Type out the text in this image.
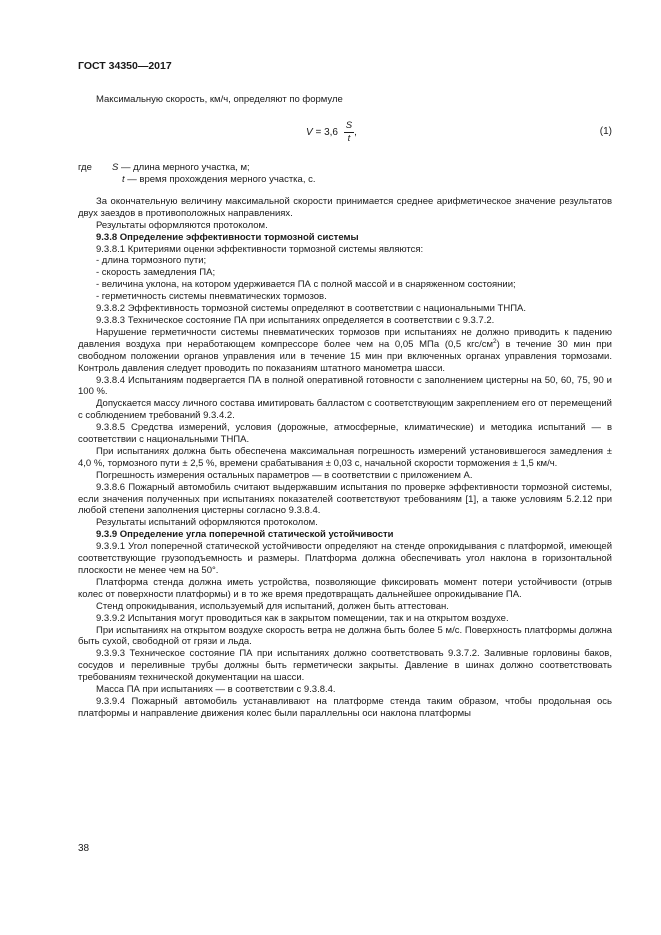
ГОСТ 34350—2017

Максимальную скорость, км/ч, определяют по формуле

$V = 3,6 \frac{S}{t}$ ,	(1)
где S — длина мерного участка, м;
t — время прохождения мерного участка, с.

За окончательную величину максимальной скорости принимается среднее арифметическое значение результатов двух заездов в противоположных направлениях.

Результаты оформляются протоколом.

9.3.8 Определение эффективности тормозной системы

9.3.8.1 Критериями оценки эффективности тормозной системы являются:

- длина тормозного пути;

- скорость замедления ПА;

- величина уклона, на котором удерживается ПА с полной массой и в снаряженном состоянии;

- герметичность системы пневматических тормозов.

9.3.8.2 Эффективность тормозной системы определяют в соответствии с национальными ТНПА.

9.3.8.3 Техническое состояние ПА при испытаниях определяется в соответствии с 9.3.7.2.

Нарушение герметичности системы пневматических тормозов при испытаниях не должно приводить к падению давления воздуха при неработающем компрессоре более чем на 0,05 МПа (0,5 кгс/$см^2$) в течение 30 мин при свободном положении органов управления или в течение 15 мин при включенных органах управления тормозами. Контроль давления следует проводить по показаниям штатного манометра шасси.

9.3.8.4 Испытаниям подвергается ПА в полной оперативной готовности с заполнением цистерны на 50, 60, 75, 90 и 100 %.

Допускается массу личного состава имитировать балластом с соответствующим закреплением его от перемещений с соблюдением требований 9.3.4.2.

9.3.8.5 Средства измерений, условия (дорожные, атмосферные, климатические) и методика испытаний — в соответствии с национальными ТНПА.

При испытаниях должна быть обеспечена максимальная погрешность измерений установившегося замедления ± 4,0 %, тормозного пути ± 2,5 %, времени срабатывания ± 0,03 с, начальной скорости торможения ± 1,5 км/ч.

Погрешность измерения остальных параметров — в соответствии с приложением А.

9.3.8.6 Пожарный автомобиль считают выдержавшим испытания по проверке эффективности тормозной системы, если значения полученных при испытаниях показателей соответствуют требованиям [1], а также условиям 5.2.12 при любой степени заполнения цистерны согласно 9.3.8.4.

Результаты испытаний оформляются протоколом.

9.3.9 Определение угла поперечной статической устойчивости

9.3.9.1 Угол поперечной статической устойчивости определяют на стенде опрокидывания с платформой, имеющей соответствующие грузоподъемность и размеры. Платформа должна обеспечивать угол наклона в горизонтальной плоскости не менее чем на 50°.

Платформа стенда должна иметь устройства, позволяющие фиксировать момент потери устойчивости (отрыв колес от поверхности платформы) и в то же время предотвращать дальнейшее опрокидывание ПА.

Стенд опрокидывания, используемый для испытаний, должен быть аттестован.

9.3.9.2 Испытания могут проводиться как в закрытом помещении, так и на открытом воздухе.

При испытаниях на открытом воздухе скорость ветра не должна быть более 5 м/с. Поверхность платформы должна быть сухой, свободной от грязи и льда.

9.3.9.3 Техническое состояние ПА при испытаниях должно соответствовать 9.3.7.2. Заливные горловины баков, сосудов и переливные трубы должны быть герметически закрыты. Давление в шинах должно соответствовать требованиям технической документации на шасси.

Масса ПА при испытаниях — в соответствии с 9.3.8.4.

9.3.9.4 Пожарный автомобиль устанавливают на платформе стенда таким образом, чтобы продольная ось платформы и направление движения колес были параллельны оси наклона платформы

38
